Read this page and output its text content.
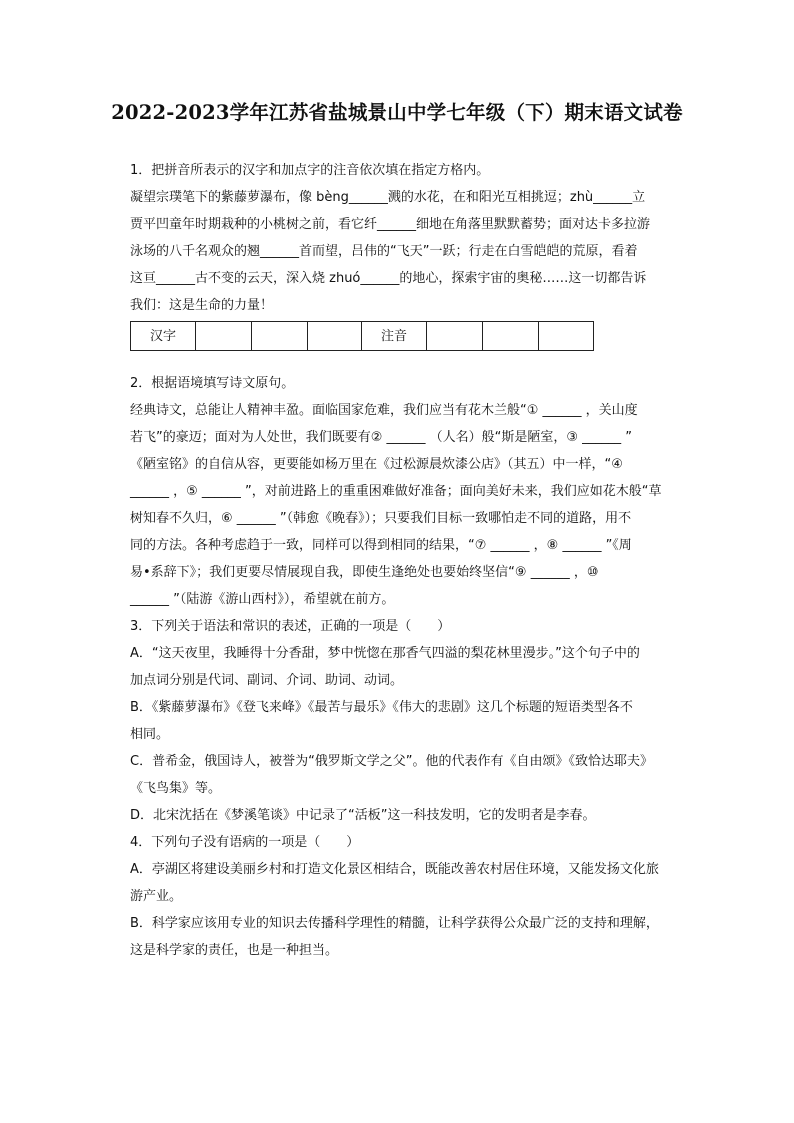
2022-2023学年江苏省盐城景山中学七年级（下）期末语文试卷

1．把拼音所表示的汉字和加点字的注音依次填在指定方格内。

凝望宗璞笔下的紫藤萝瀑布，像 bèng______溅的水花，在和阳光互相挑逗；zhù______立

贾平凹童年时期栽种的小桃树之前，看它纤______细地在角落里默默蓄势；面对达卡多拉游

泳场的八千名观众的翘______首而望，吕伟的“飞天”一跃；行走在白雪皑皑的荒原，看着

这亘______古不变的云天，深入烧 zhuó______的地心，探索宇宙的奥秘……这一切都告诉

我们：这是生命的力量！

汉字				注音			

2．根据语境填写诗文原句。

经典诗文，总能让人精神丰盈。面临国家危难，我们应当有花木兰般“① ______ ，关山度

若飞”的豪迈；面对为人处世，我们既要有② ______ （人名）般“斯是陋室，③ ______ ”

《陋室铭》的自信从容，更要能如杨万里在《过松源晨炊漆公店》（其五）中一样，“④

______ ，⑤ ______ ”，对前进路上的重重困难做好准备；面向美好未来，我们应如花木般“草

树知春不久归，⑥ ______ ”（韩愈《晚春》）；只要我们目标一致哪怕走不同的道路，用不

同的方法。各种考虑趋于一致，同样可以得到相同的结果，“⑦ ______ ，⑧ ______ ”《周

易•系辞下》；我们更要尽情展现自我，即使生逢绝处也要始终坚信“⑨ ______ ，⑩

______ ”（陆游《游山西村》），希望就在前方。

3．下列关于语法和常识的表述，正确的一项是（　　）

A．“这天夜里，我睡得十分香甜，梦中恍惚在那香气四溢的梨花林里漫步。”这个句子中的

加点词分别是代词、副词、介词、助词、动词。

B．《紫藤萝瀑布》《登飞来峰》《最苦与最乐》《伟大的悲剧》这几个标题的短语类型各不

相同。

C．普希金，俄国诗人，被誉为“俄罗斯文学之父”。他的代表作有《自由颂》《致恰达耶夫》

《飞鸟集》等。

D．北宋沈括在《梦溪笔谈》中记录了“活板”这一科技发明，它的发明者是李春。

4．下列句子没有语病的一项是（　　）

A．亭湖区将建设美丽乡村和打造文化景区相结合，既能改善农村居住环境，又能发扬文化旅

游产业。

B．科学家应该用专业的知识去传播科学理性的精髓，让科学获得公众最广泛的支持和理解，

这是科学家的责任，也是一种担当。
